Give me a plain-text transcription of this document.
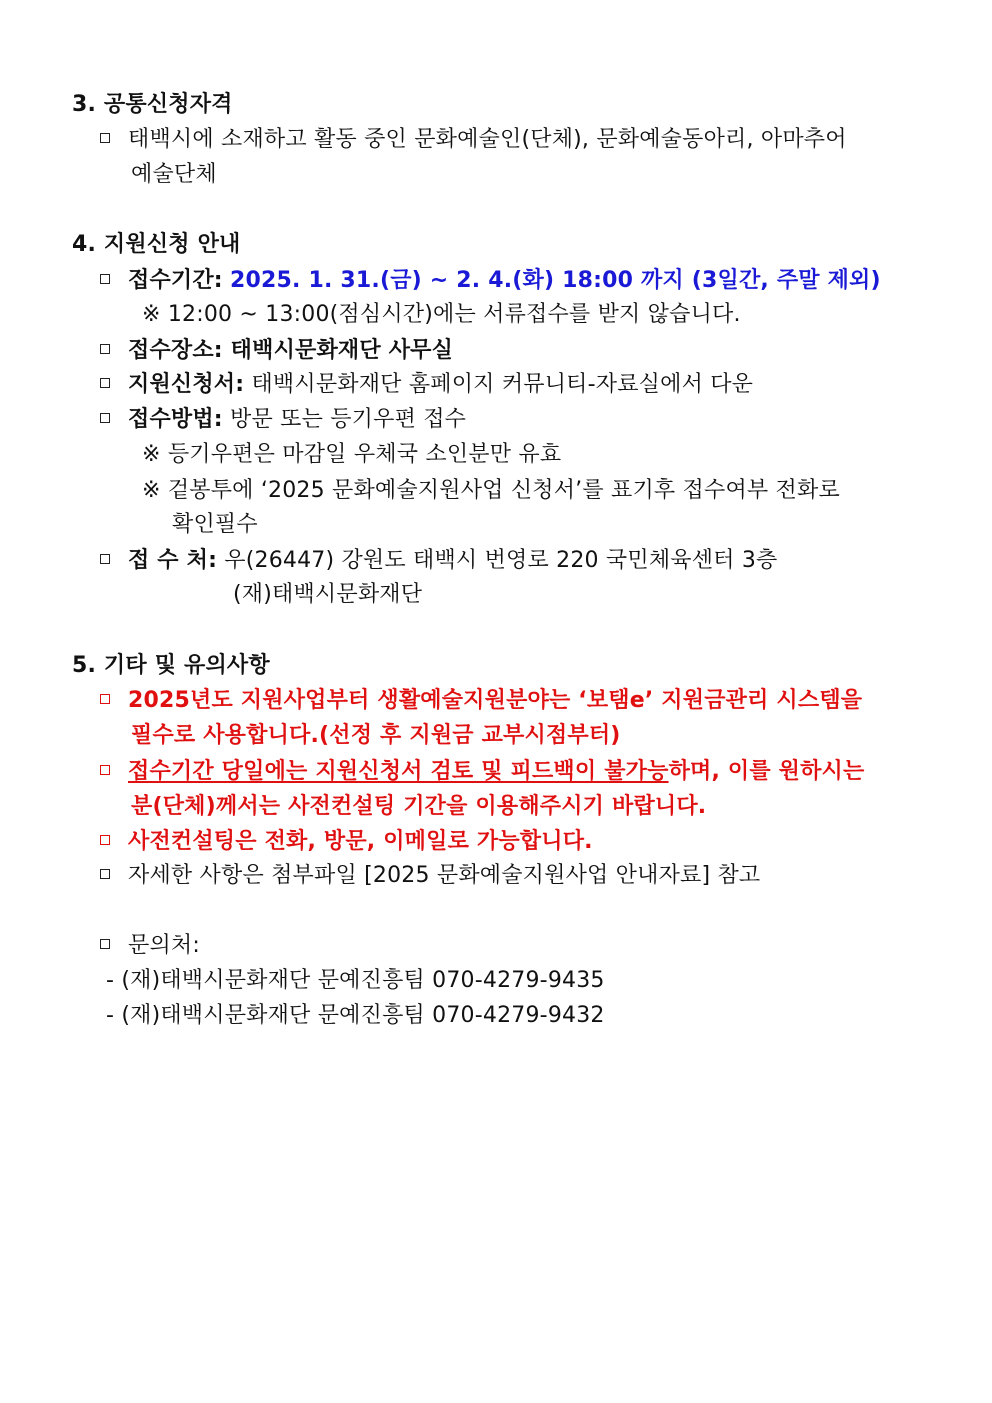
3. 공통신청자격
태백시에 소재하고 활동 중인 문화예술인(단체), 문화예술동아리, 아마추어
예술단체
4. 지원신청 안내
접수기간: 2025. 1. 31.(금) ~ 2. 4.(화) 18:00 까지 (3일간, 주말 제외)
※ 12:00 ~ 13:00(점심시간)에는 서류접수를 받지 않습니다.
접수장소: 태백시문화재단 사무실
지원신청서: 태백시문화재단 홈페이지 커뮤니티-자료실에서 다운
접수방법: 방문 또는 등기우편 접수
※ 등기우편은 마감일 우체국 소인분만 유효
※ 겉봉투에 ‘2025 문화예술지원사업 신청서’를 표기후 접수여부 전화로
확인필수
접 수 처: 우(26447) 강원도 태백시 번영로 220 국민체육센터 3층
(재)태백시문화재단
5. 기타 및 유의사항
2025년도 지원사업부터 생활예술지원분야는 ‘보탬e’ 지원금관리 시스템을
필수로 사용합니다.(선정 후 지원금 교부시점부터)
접수기간 당일에는 지원신청서 검토 및 피드백이 불가능하며, 이를 원하시는
분(단체)께서는 사전컨설팅 기간을 이용해주시기 바랍니다.
사전컨설팅은 전화, 방문, 이메일로 가능합니다.
자세한 사항은 첨부파일 [2025 문화예술지원사업 안내자료] 참고
문의처:
- (재)태백시문화재단 문예진흥팀 070-4279-9435
- (재)태백시문화재단 문예진흥팀 070-4279-9432
